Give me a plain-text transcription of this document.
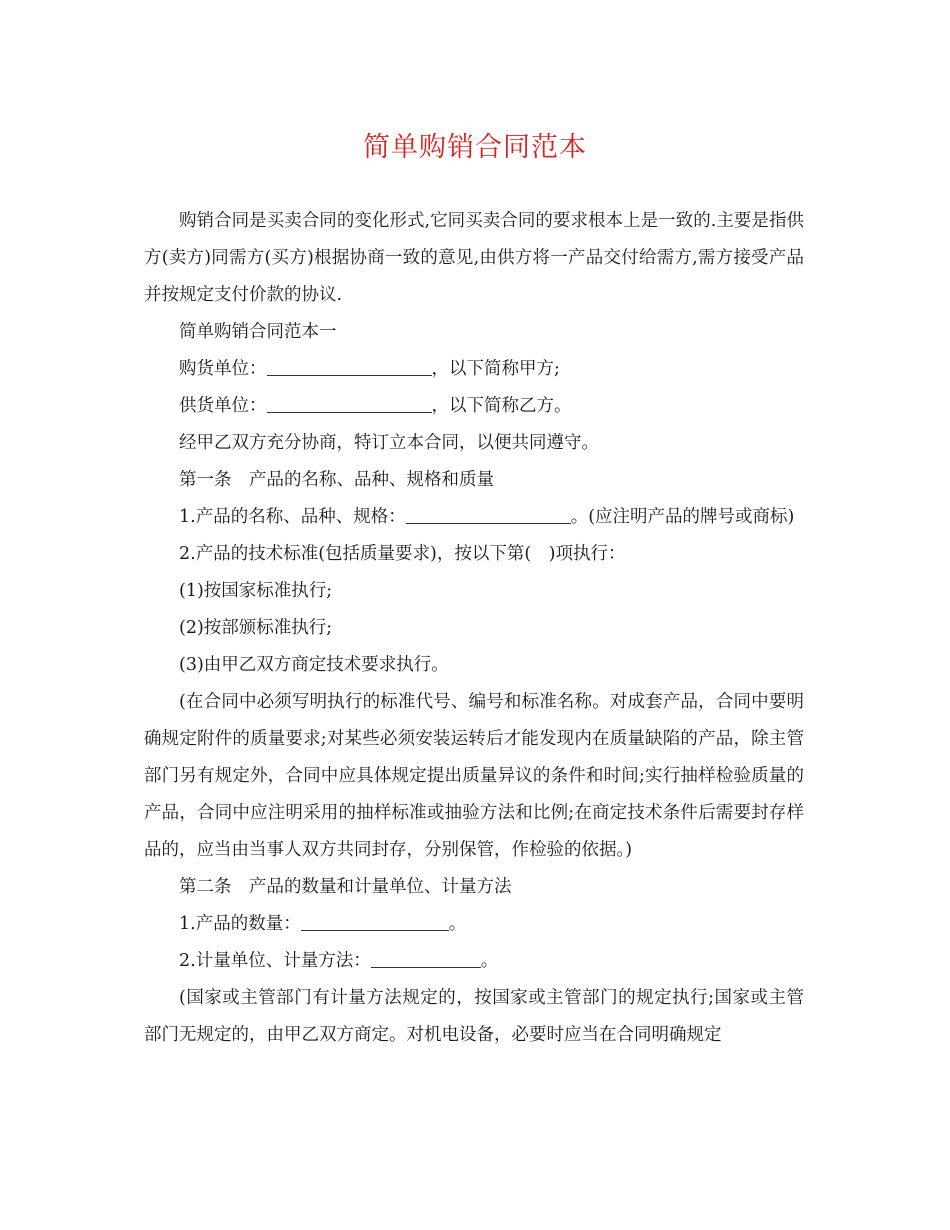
简单购销合同范本

购销合同是买卖合同的变化形式,它同买卖合同的要求根本上是一致的.主要是指供方(卖方)同需方(买方)根据协商一致的意见,由供方将一产品交付给需方,需方接受产品并按规定支付价款的协议.

简单购销合同范本一

购货单位：	，以下简称甲方;

供货单位：	，以下简称乙方。

经甲乙双方充分协商，特订立本合同，以便共同遵守。

第一条　产品的名称、品种、规格和质量

1.产品的名称、品种、规格：	。(应注明产品的牌号或商标)

2.产品的技术标准(包括质量要求)，按以下第(　)项执行：

(1)按国家标准执行;

(2)按部颁标准执行;

(3)由甲乙双方商定技术要求执行。

(在合同中必须写明执行的标准代号、编号和标准名称。对成套产品，合同中要明确规定附件的质量要求;对某些必须安装运转后才能发现内在质量缺陷的产品，除主管部门另有规定外，合同中应具体规定提出质量异议的条件和时间;实行抽样检验质量的产品，合同中应注明采用的抽样标准或抽验方法和比例;在商定技术条件后需要封存样品的，应当由当事人双方共同封存，分别保管，作检验的依据。)

第二条　产品的数量和计量单位、计量方法

1.产品的数量：	。

2.计量单位、计量方法：	。

(国家或主管部门有计量方法规定的，按国家或主管部门的规定执行;国家或主管部门无规定的，由甲乙双方商定。对机电设备，必要时应当在合同明确规定
